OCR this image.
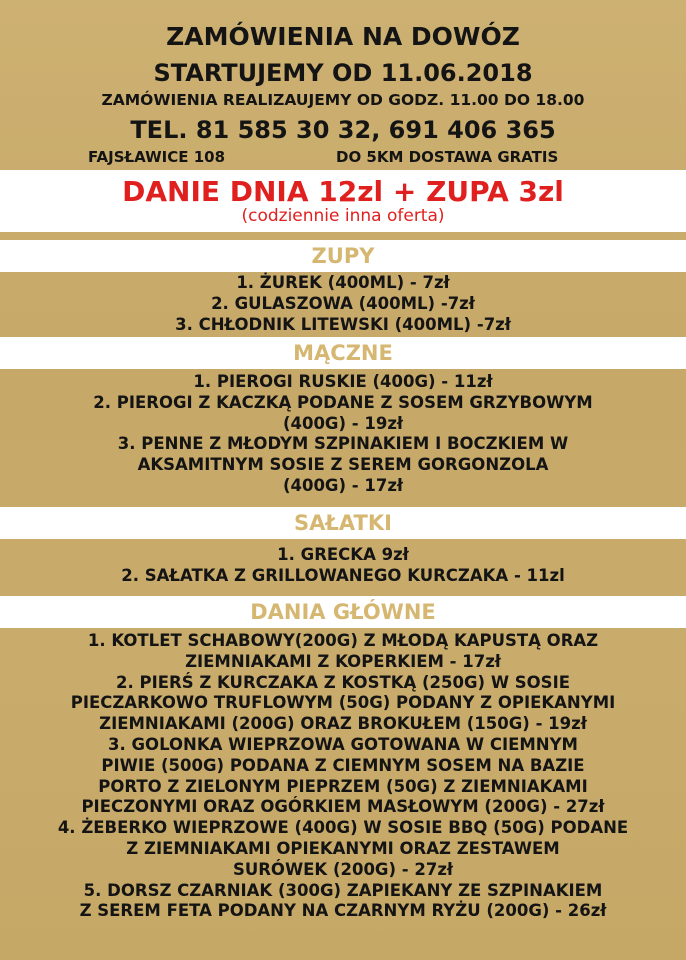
ZAMÓWIENIA NA DOWÓZ
STARTUJEMY OD 11.06.2018
ZAMÓWIENIA REALIZAUJEMY OD GODZ. 11.00 DO 18.00
TEL. 81 585 30 32, 691 406 365
FAJSŁAWICE 108	DO 5KM DOSTAWA GRATIS
DANIE DNIA 12zl + ZUPA 3zl
(codziennie inna oferta)
ZUPY
1. ŻUREK (400ML) - 7zł
2. GULASZOWA (400ML) -7zł
3. CHŁODNIK LITEWSKI (400ML) -7zł
MĄCZNE
1. PIEROGI RUSKIE (400G) - 11zł
2. PIEROGI Z KACZKĄ PODANE Z SOSEM GRZYBOWYM
(400G) - 19zł
3. PENNE Z MŁODYM SZPINAKIEM I BOCZKIEM W
AKSAMITNYM SOSIE Z SEREM GORGONZOLA
(400G) - 17zł
SAŁATKI
1. GRECKA 9zł
2. SAŁATKA Z GRILLOWANEGO KURCZAKA - 11zl
DANIA GŁÓWNE
1. KOTLET SCHABOWY(200G) Z MŁODĄ KAPUSTĄ ORAZ
ZIEMNIAKAMI Z KOPERKIEM - 17zł
2. PIERŚ Z KURCZAKA Z KOSTKĄ (250G) W SOSIE
PIECZARKOWO TRUFLOWYM (50G) PODANY Z OPIEKANYMI
ZIEMNIAKAMI (200G) ORAZ BROKUŁEM (150G) - 19zł
3. GOLONKA WIEPRZOWA GOTOWANA W CIEMNYM
PIWIE (500G) PODANA Z CIEMNYM SOSEM NA BAZIE
PORTO Z ZIELONYM PIEPRZEM (50G) Z ZIEMNIAKAMI
PIECZONYMI ORAZ OGÓRKIEM MASŁOWYM (200G) - 27zł
4. ŻEBERKO WIEPRZOWE (400G) W SOSIE BBQ (50G) PODANE
Z ZIEMNIAKAMI OPIEKANYMI ORAZ ZESTAWEM
SURÓWEK (200G) - 27zł
5. DORSZ CZARNIAK (300G) ZAPIEKANY ZE SZPINAKIEM
Z SEREM FETA PODANY NA CZARNYM RYŻU (200G) - 26zł
